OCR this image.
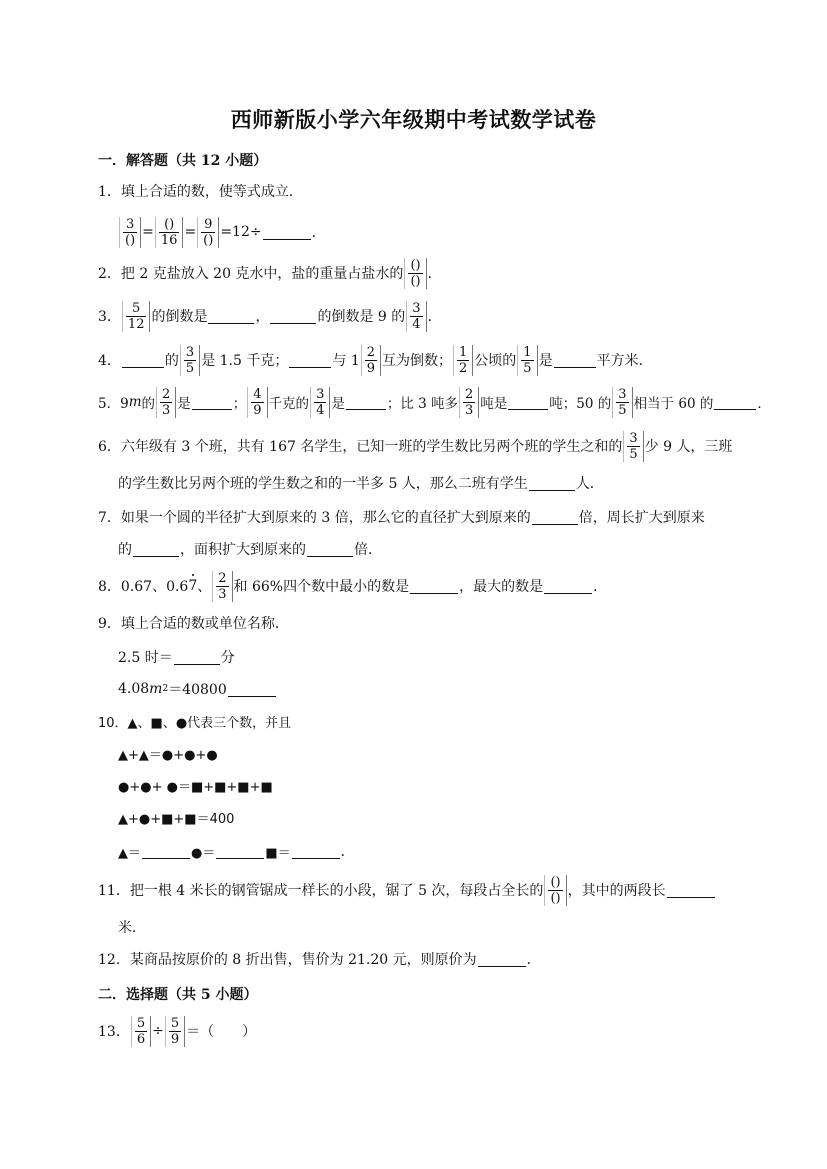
西师新版小学六年级期中考试数学试卷
一．解答题（共 12 小题）
1．填上合适的数，使等式成立．
$\frac{3}{()} = \frac{()}{16} = \frac{9}{()} =12\div$	．
2．把 2 克盐放入 20 克水中，盐的重量占盐水的 $\frac{()}{()}$ ．
3． $\frac{5}{12}$ 的倒数是	，	的倒数是 9 的 $\frac{3}{4}$ ．
4．	的 $\frac{3}{5}$ 是 1.5 千克；	与 $1 \frac{2}{9}$ 互为倒数； $\frac{1}{2}$ 公顷的 $\frac{1}{5}$ 是	平方米．
5．9 m 的 $\frac{2}{3}$ 是	； $\frac{4}{9}$ 千克的 $\frac{3}{4}$ 是	；比 3 吨多 $\frac{2}{3}$ 吨是	吨；50 的 $\frac{3}{5}$ 相当于 60 的	．
6．六年级有 3 个班，共有 167 名学生，已知一班的学生数比另两个班的学生之和的 $\frac{3}{5}$ 少 9 人，三班
的学生数比另两个班的学生数之和的一半多 5 人，那么二班有学生	人．
7．如果一个圆的半径扩大到原来的 3 倍，那么它的直径扩大到原来的	倍，周长扩大到原来
的	，面积扩大到原来的	倍．
8．0.67、0.6 7 、 $\frac{2}{3}$ 和 66%四个数中最小的数是	，最大的数是	．
9．填上合适的数或单位名称．
2.5 时＝	分
4.08 m 2 ＝40800
10．▲、■、●代表三个数，并且
▲+▲＝●+●+●
●+●+ ●＝■+■+■+■
▲+●+■+■＝400
▲＝	●＝	■＝	．
11．把一根 4 米长的钢管锯成一样长的小段，锯了 5 次，每段占全长的 $\frac{()}{()}$ ，其中的两段长
米．
12．某商品按原价的 8 折出售，售价为 21.20 元，则原价为	．
二．选择题（共 5 小题）
13． $\frac{5}{6} \div \frac{5}{9}$ ＝（　　）
